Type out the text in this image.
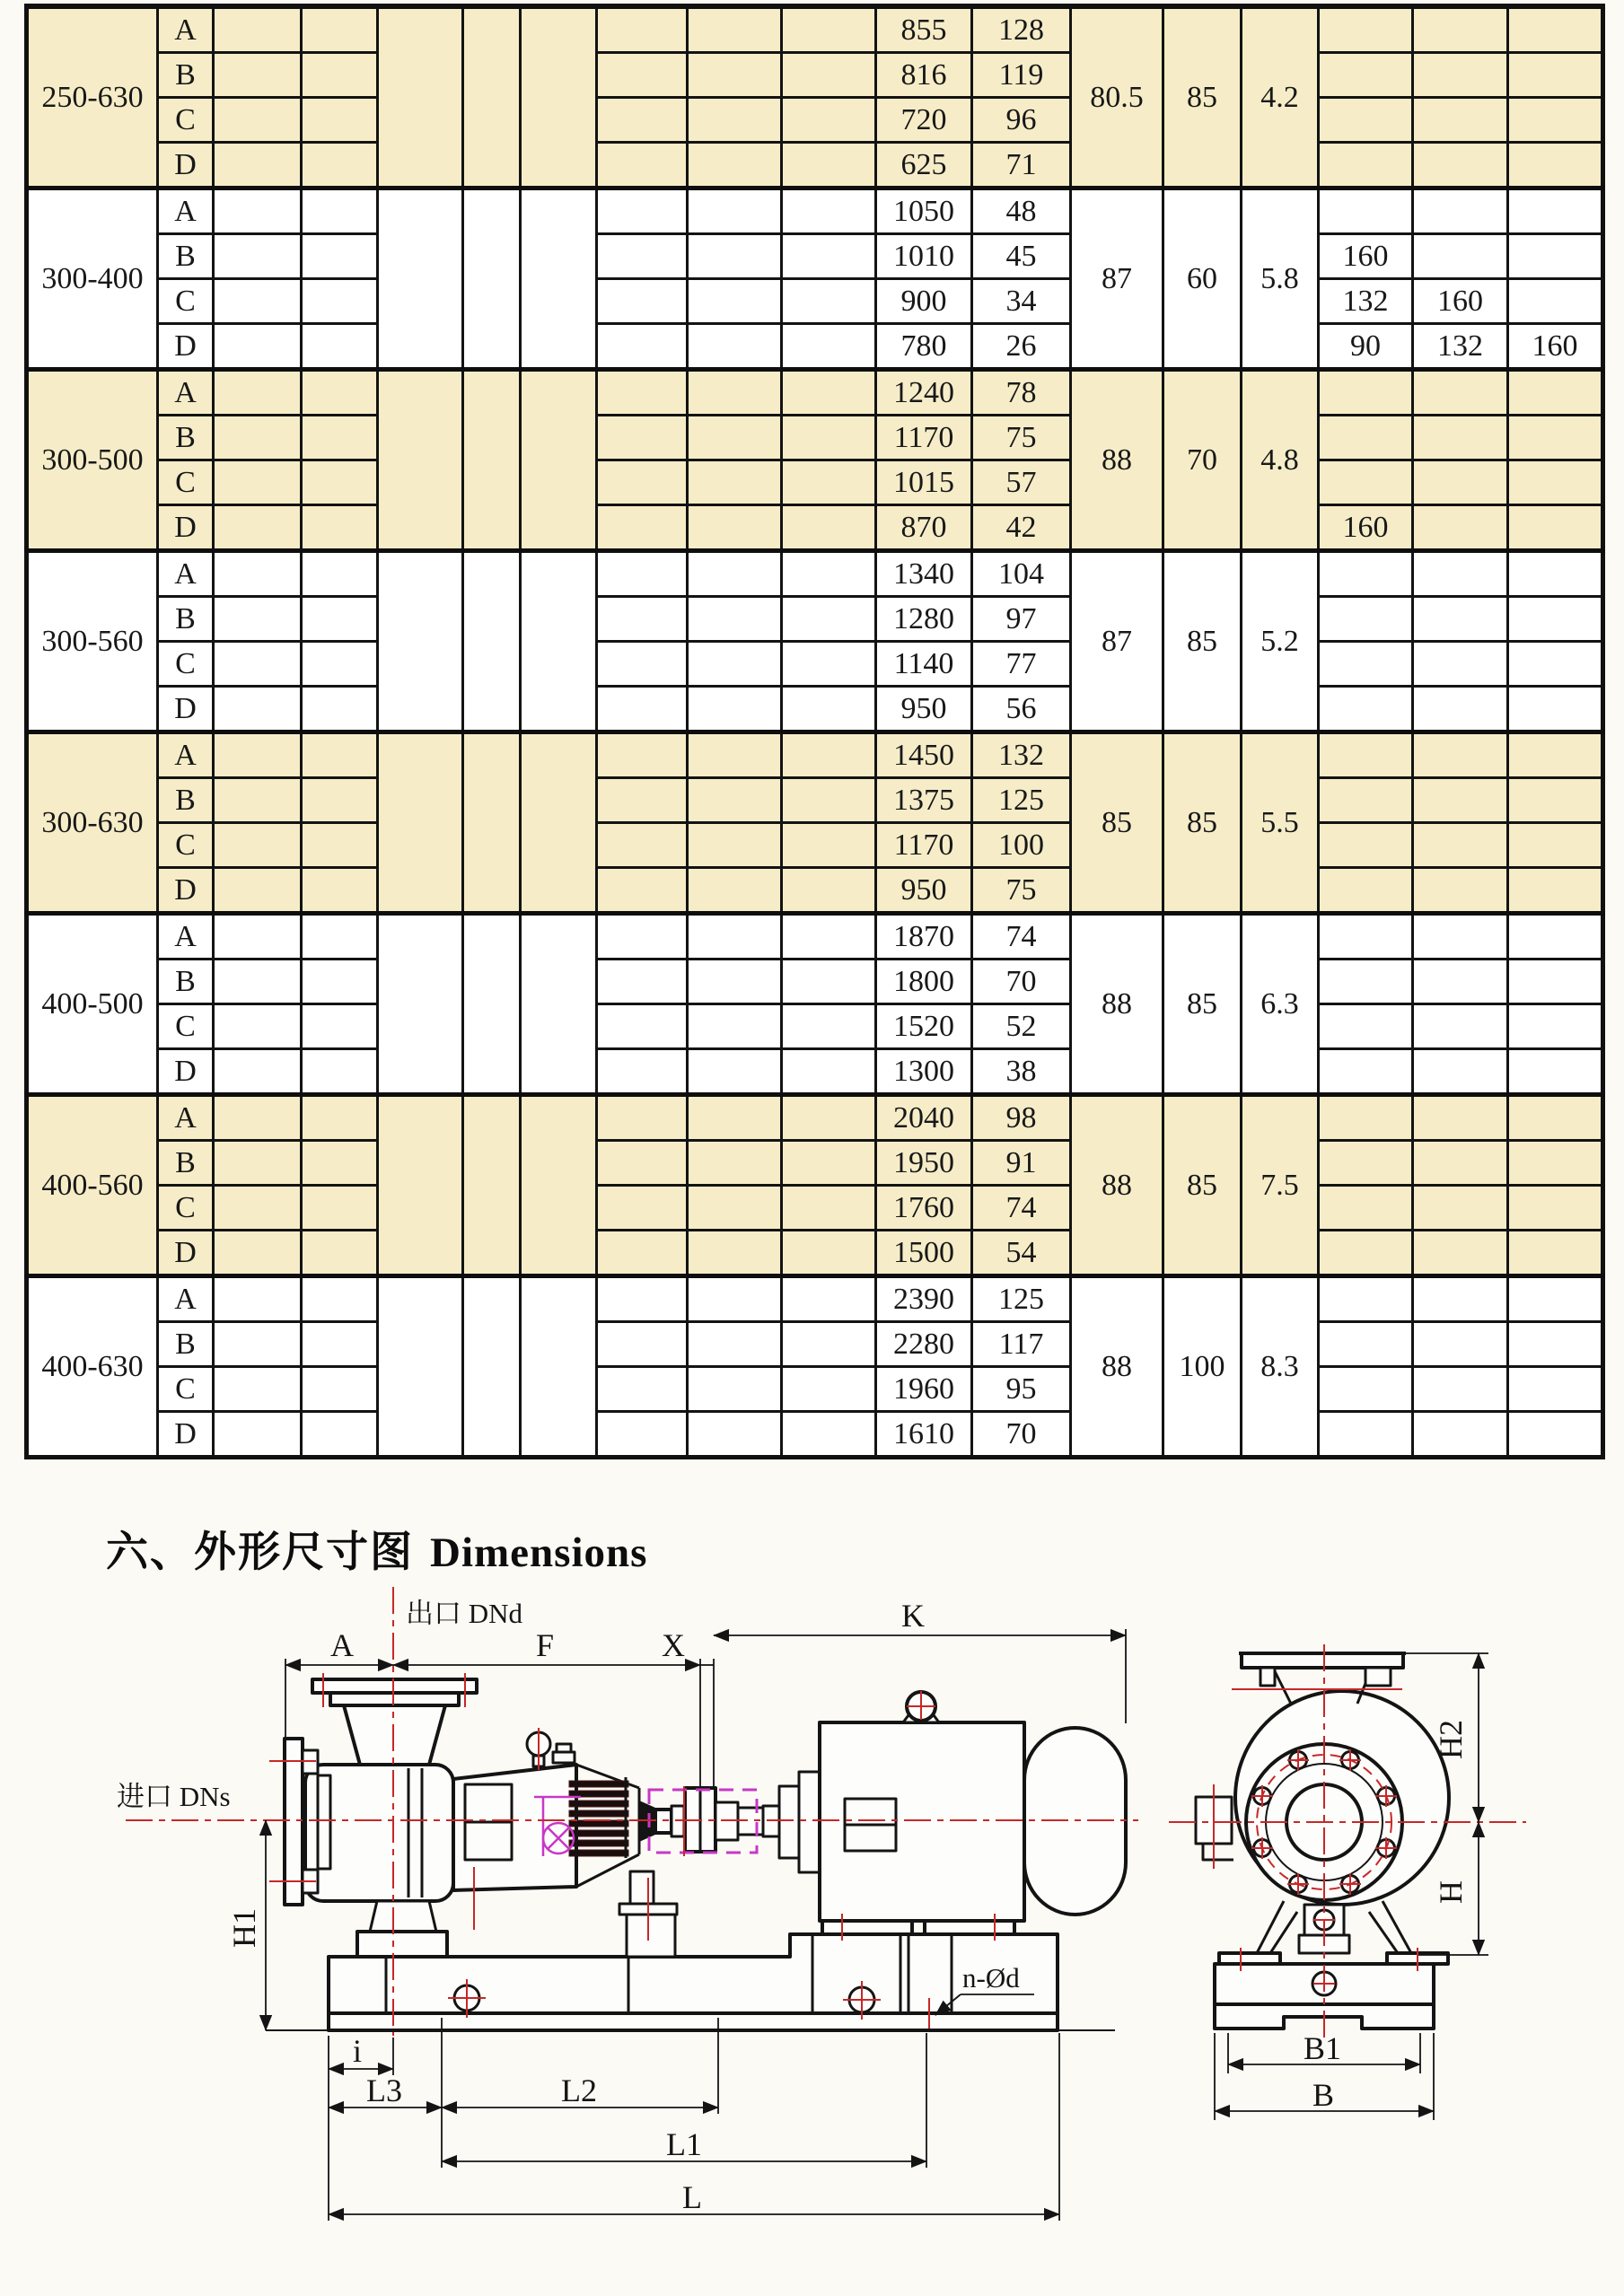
250-630	A									855	128	80.5	85	4.2			
	B									816	119						
	C									720	96						
	D									625	71						
300-400	A									1050	48	87	60	5.8			
	B									1010	45				160		
	C									900	34				132	160	
	D									780	26				90	132	160
300-500	A									1240	78	88	70	4.8			
	B									1170	75						
	C									1015	57						
	D									870	42				160		
300-560	A									1340	104	87	85	5.2			
	B									1280	97						
	C									1140	77						
	D									950	56						
300-630	A									1450	132	85	85	5.5			
	B									1375	125						
	C									1170	100						
	D									950	75						
400-500	A									1870	74	88	85	6.3			
	B									1800	70						
	C									1520	52						
	D									1300	38						
400-560	A									2040	98	88	85	7.5			
	B									1950	91						
	C									1760	74						
	D									1500	54						
400-630	A									2390	125	88	100	8.3			
	B									2280	117						
	C									1960	95						
	D									1610	70						
六、外形尺寸图 Dimensions
A	F	X
K
出口 DNd
进口 DNs
H1
i
L3	L2
L1
L
n-Ød
H2
H
B1
B
